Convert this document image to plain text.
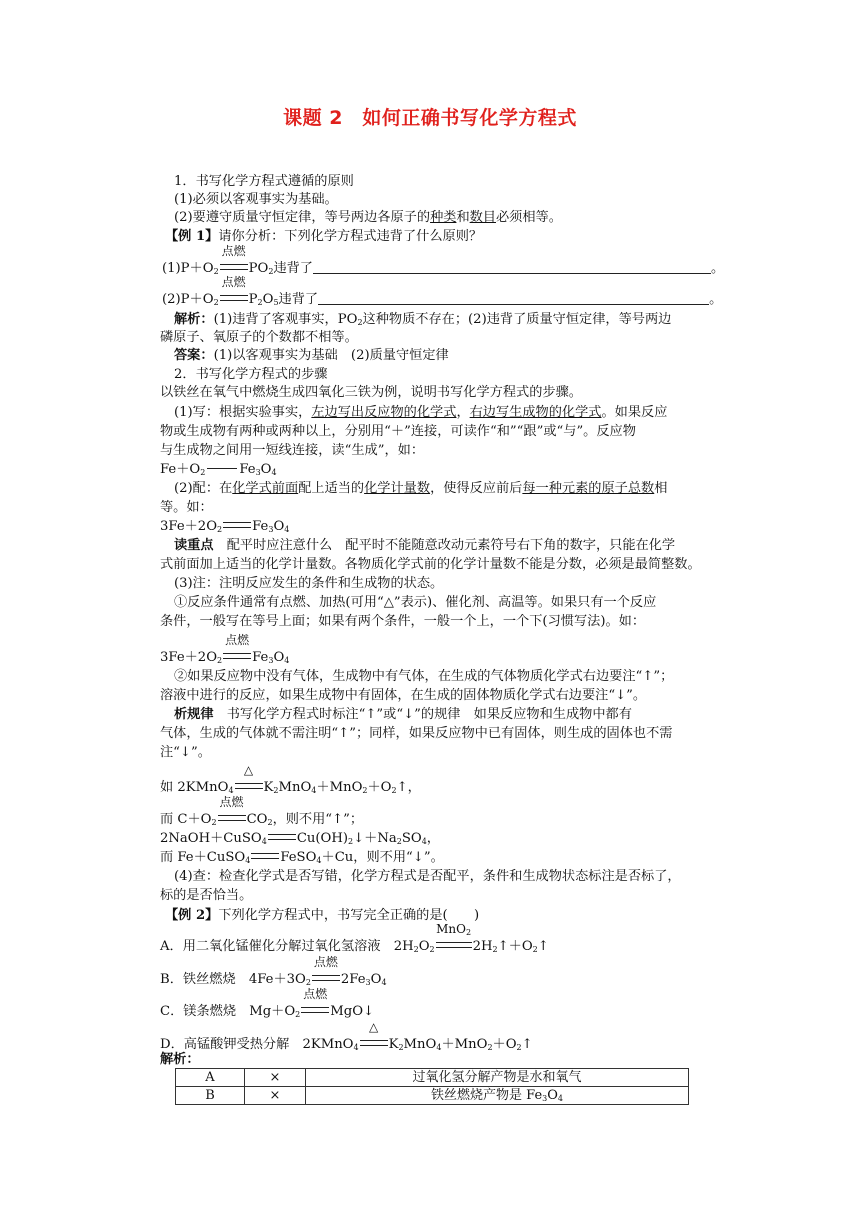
课题 2　如何正确书写化学方程式
1．书写化学方程式遵循的原则
(1)必须以客观事实为基础。
(2)要遵守质量守恒定律，等号两边各原子的种类和数目必须相等。
【例 1】请你分析：下列化学方程式违背了什么原则？
$(1)P+O_2$
点燃
$PO_2$违背了	。
$(2)P+O_2$
点燃
$P_2O_5$违背了	。
解析：(1)违背了客观事实，$PO_2$这种物质不存在；(2)违背了质量守恒定律，等号两边
磷原子、氧原子的个数都不相等。
答案：(1)以客观事实为基础　(2)质量守恒定律
2．书写化学方程式的步骤
以铁丝在氧气中燃烧生成四氧化三铁为例，说明书写化学方程式的步骤。
(1)写：根据实验事实，左边写出反应物的化学式，右边写生成物的化学式。如果反应
物或生成物有两种或两种以上，分别用“＋”连接，可读作“和”“跟”或“与”。反应物
与生成物之间用一短线连接，读“生成”，如：
$Fe+O_2$	$Fe_3O_4$
(2)配：在化学式前面配上适当的化学计量数，使得反应前后每一种元素的原子总数相
等。如：
$3Fe+2O_2$ $Fe_3O_4$
读重点　配平时应注意什么　配平时不能随意改动元素符号右下角的数字，只能在化学
式前面加上适当的化学计量数。各物质化学式前的化学计量数不能是分数，必须是最简整数。
(3)注：注明反应发生的条件和生成物的状态。
①反应条件通常有点燃、加热(可用“△”表示)、催化剂、高温等。如果只有一个反应
条件，一般写在等号上面；如果有两个条件，一般一个上，一个下(习惯写法)。如：
$3Fe+2O_2$
点燃
$Fe_3O_4$
②如果反应物中没有气体，生成物中有气体，在生成的气体物质化学式右边要注“↑”；
溶液中进行的反应，如果生成物中有固体，在生成的固体物质化学式右边要注“↓”。
析规律　书写化学方程式时标注“↑”或“↓”的规律　如果反应物和生成物中都有
气体，生成的气体就不需注明“↑”；同样，如果反应物中已有固体，则生成的固体也不需
注“↓”。
如 2KMnO$_4$
△
$K_2MnO_4+MnO_2+O_2↑$，
而 $C+O_2$
点燃
$CO_2$，则不用“↑”；
2NaOH＋CuSO$_4$ $Cu(OH)_2↓+Na_2SO_4$，
而 Fe＋CuSO$_4$ FeSO$_4$＋Cu，则不用“↓”。
(4)查：检查化学式是否写错，化学方程式是否配平，条件和生成物状态标注是否标了，
标的是否恰当。
【例 2】下列化学方程式中，书写完全正确的是(　　)
A．用二氧化锰催化分解过氧化氢溶液　$2H_2O_2$
MnO$_2$
$2H_2↑+O_2↑$
B．铁丝燃烧　$4Fe+3O_2$
点燃
$2Fe_3O_4$
C．镁条燃烧　$Mg+O_2$
点燃
MgO↓
D．高锰酸钾受热分解　2KMnO$_4$
△
$K_2MnO_4+MnO_2+O_2↑$
解析：
A	×	过氧化氢分解产物是水和氧气
B	×	铁丝燃烧产物是 $Fe_3O_4$
